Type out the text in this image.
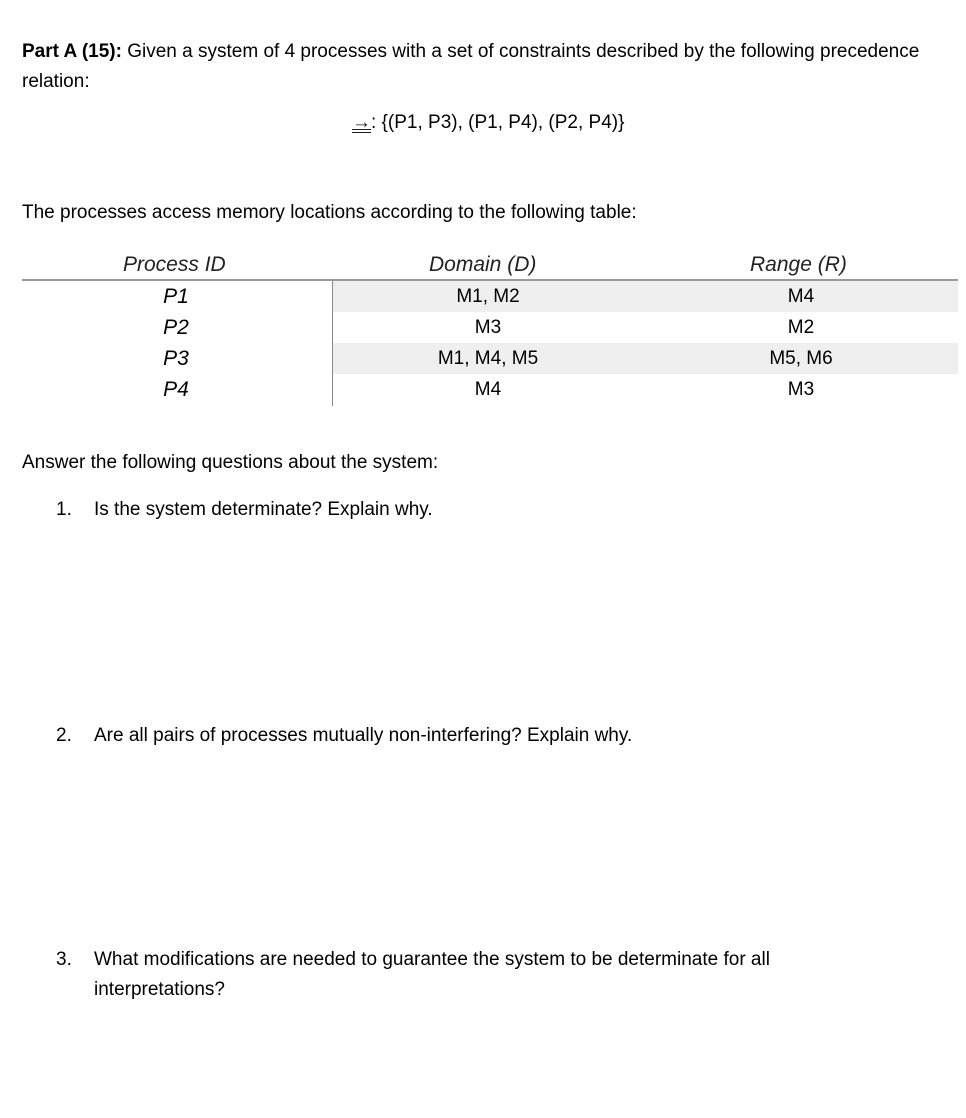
Part A (15): Given a system of 4 processes with a set of constraints described by the following precedence relation:
→: {(P1, P3), (P1, P4), (P2, P4)}
The processes access memory locations according to the following table:
Process ID	Domain (D)	Range (R)
P1	M1, M2	M4
P2	M3	M2
P3	M1, M4, M5	M5, M6
P4	M4	M3
Answer the following questions about the system:
1. Is the system determinate? Explain why.
2. Are all pairs of processes mutually non-interfering? Explain why.
3. What modifications are needed to guarantee the system to be determinate for all interpretations?
